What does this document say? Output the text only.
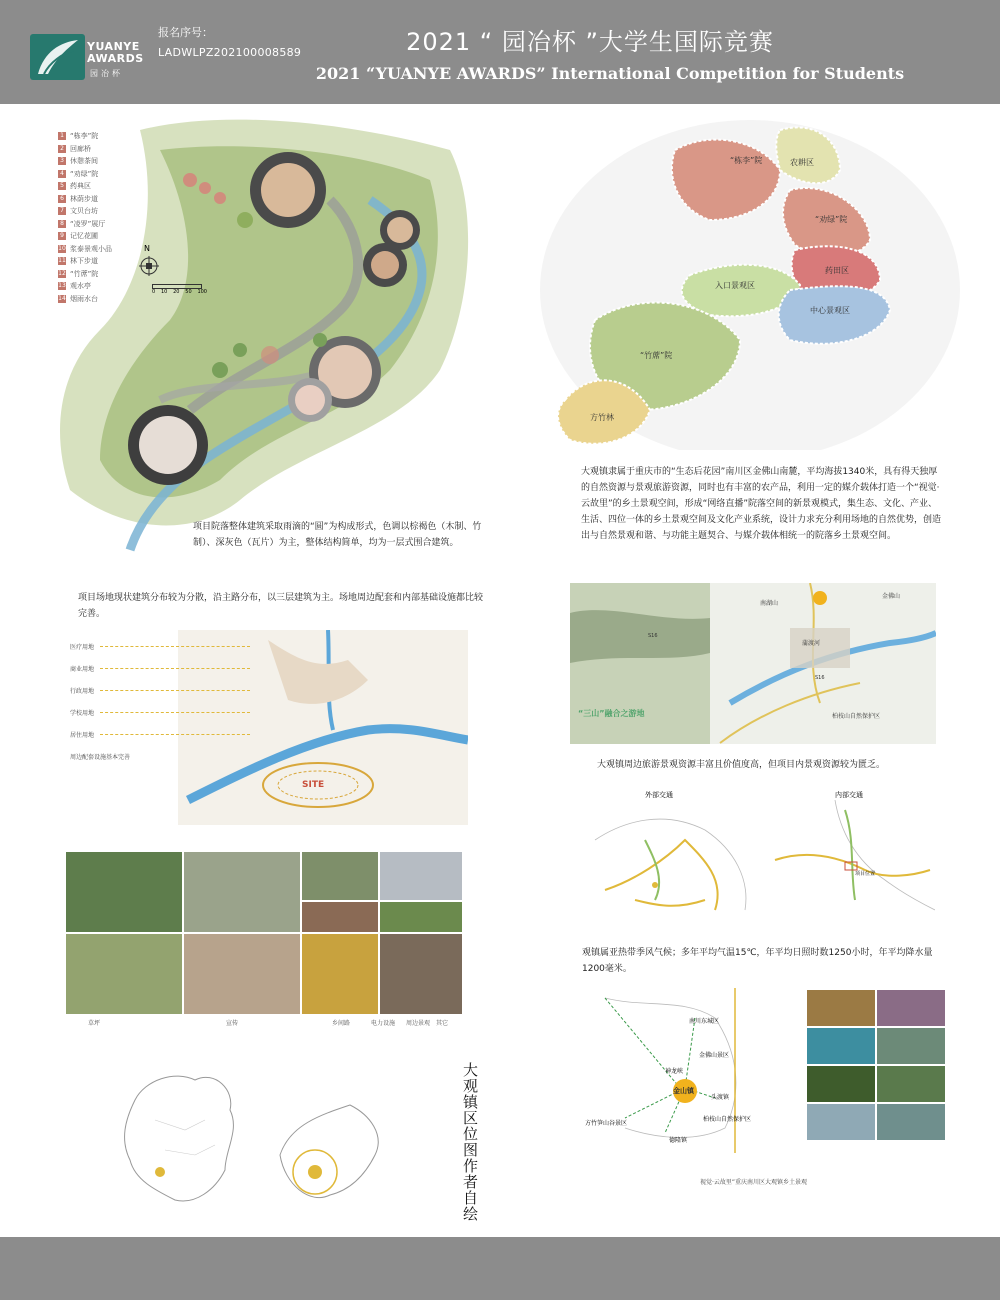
YUANYE AWARDS
园冶杯
报名序号：
LADWLPZ202100008589	2021 “ 园冶杯 ”大学生国际竞赛
2021 “YUANYE AWARDS” International Competition for Students
N
0 10 20 50 100
1 “栋李”院
2 回廊桥
3 休憩茶间
4 “劝绿”院
5 药典区
6 林荫步道
7 文贝台坊
8 “凌罗”展厅
9 记忆花圃
10 浆泰景观小品
11 林下步道
12 “竹蓆”院
13 观水亭
14 烟雨水台
项目院落整体建筑采取雨滴的“圆”为构成形式，色调以棕褐色（木制、竹制）、深灰色（瓦片）为主，整体结构简单，均为一层式围合建筑。
“栋李”院	农耕区
“劝绿”院
药田区
入口景观区
中心景观区
“竹蓆”院
方竹林
大观镇隶属于重庆市的“生态后花园”南川区金佛山南麓，平均海拔1340米，具有得天独厚的自然资源与景观旅游资源，同时也有丰富的农产品，利用一定的媒介载体打造一个“视觉·云故里”的乡土景观空间，形成“网络直播”院落空间的新景观模式，集生态、文化、产业、生活、四位一体的乡土景观空间及文化产业系统，设计力求充分利用场地的自然优势，创造出与自然景观和谐、与功能主题契合、与媒介载体相统一的院落乡土景观空间。
项目场地现状建筑分布较为分散，沿主路分布，以三层建筑为主。场地周边配套和内部基础设施都比较完善。
SITE
医疗用地
商业用地
行政用地
学校用地
居住用地
周边配套设施基本完善
南湖山
金佛山
蒲渡河
柏枝山自然保护区
S16
S16
“三山”融合之游地
大观镇周边旅游景观资源丰富且价值度高，但项目内景观资源较为匮乏。
外部交通	内部交通
项目位置
观镇属亚热带季风气候；多年平均气温15℃，年平均日照时数1250小时，年平均降水量1200毫米。
金山镇
南川东城区
金佛山景区
头渡镇
柏枝山自然保护区
方竹笋山谷景区
神龙峡
德隆镇
视觉·云故里”重庆南川区大观镇乡土景观
草坪	宣传	乡间路	电力设施 周边景观 其它
大观镇区位图作者自绘
